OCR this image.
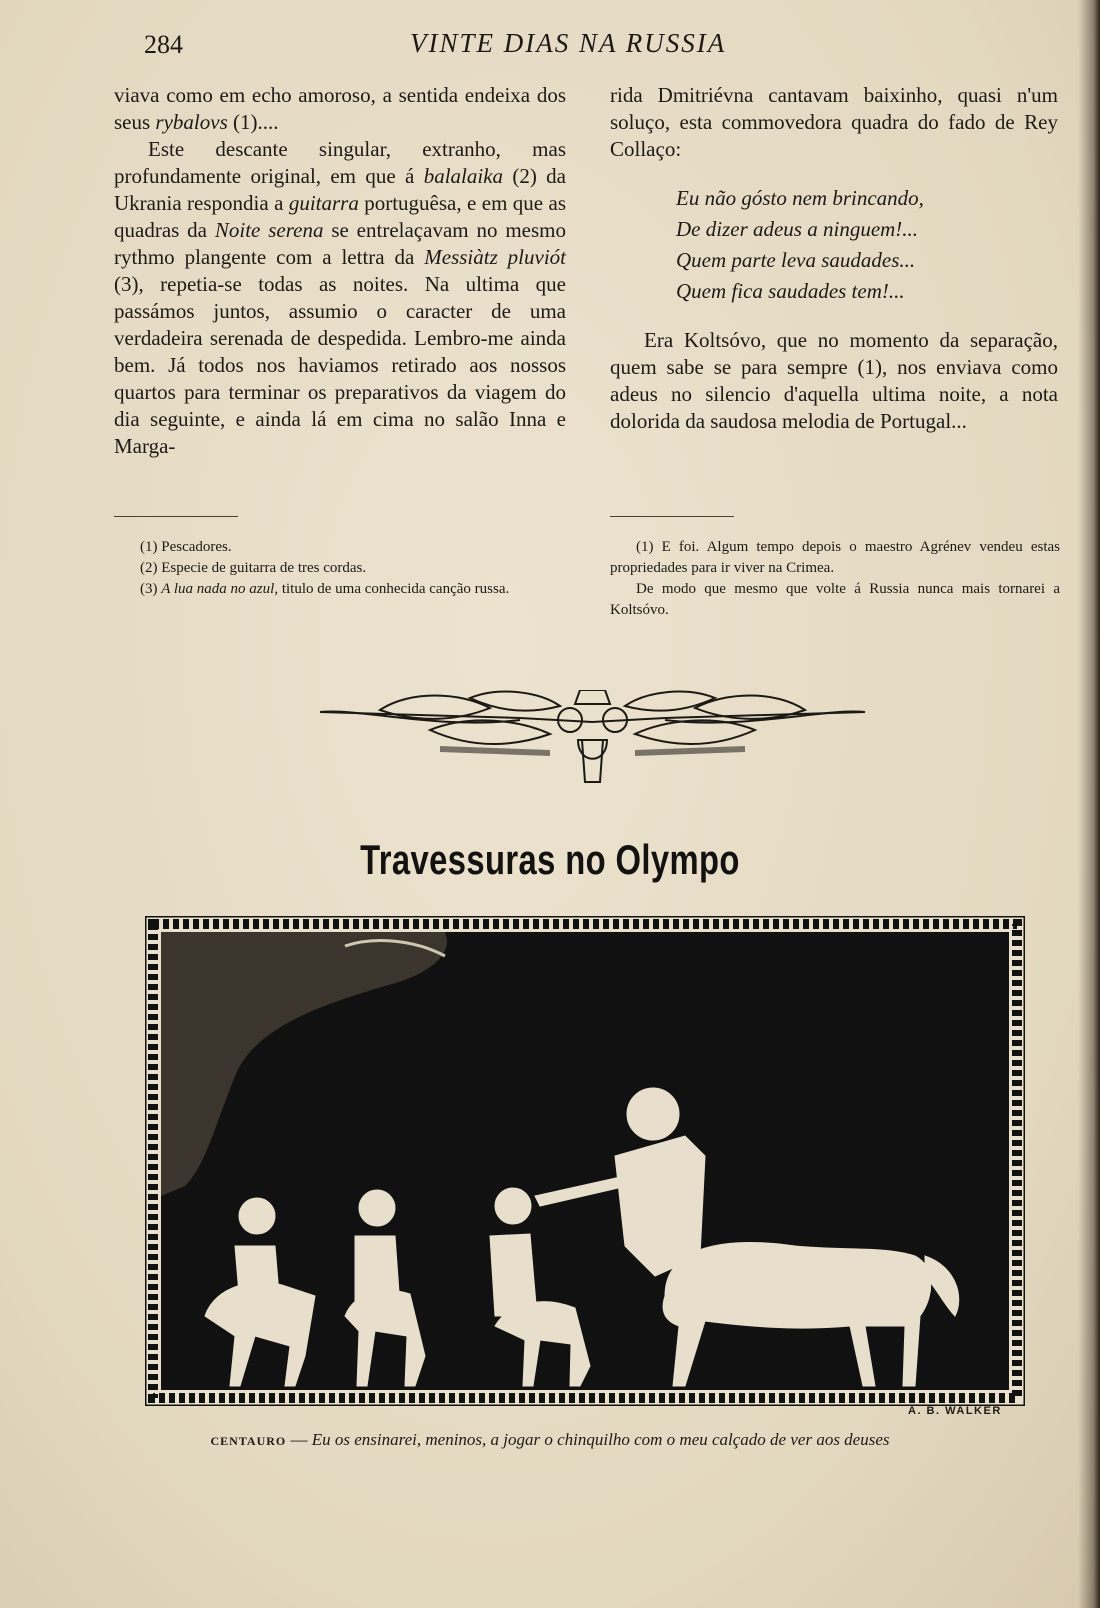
284	VINTE DIAS NA RUSSIA

viava como em echo amoroso, a sentida endeixa dos seus rybalovs (1)....

Este descante singular, extranho, mas profundamente original, em que á balalaika (2) da Ukrania respondia a guitarra portuguêsa, e em que as quadras da Noite serena se entrelaçavam no mesmo rythmo plangente com a lettra da Messiàtz pluviót (3), repetia-se todas as noites. Na ultima que passámos juntos, assumio o caracter de uma verdadeira serenada de despedida. Lembro-me ainda bem. Já todos nos haviamos retirado aos nossos quartos para terminar os preparativos da viagem do dia seguinte, e ainda lá em cima no salão Inna e Marga-

rida Dmitriévna cantavam baixinho, quasi n'um soluço, esta commovedora quadra do fado de Rey Collaço:

Eu não gósto nem brincando,
De dizer adeus a ninguem!...
Quem parte leva saudades...
Quem fica saudades tem!...

Era Koltsóvo, que no momento da separação, quem sabe se para sempre (1), nos enviava como adeus no silencio d'aquella ultima noite, a nota dolorida da saudosa melodia de Portugal...

(1) Pescadores.

(2) Especie de guitarra de tres cordas.

(3) A lua nada no azul, titulo de uma conhecida canção russa.

(1) E foi. Algum tempo depois o maestro Agrénev vendeu estas propriedades para ir viver na Crimea.

De modo que mesmo que volte á Russia nunca mais tornarei a Koltsóvo.

Travessuras no Olympo
A. B. WALKER
CENTAURO — Eu os ensinarei, meninos, a jogar o chinquilho com o meu calçado de ver aos deuses
